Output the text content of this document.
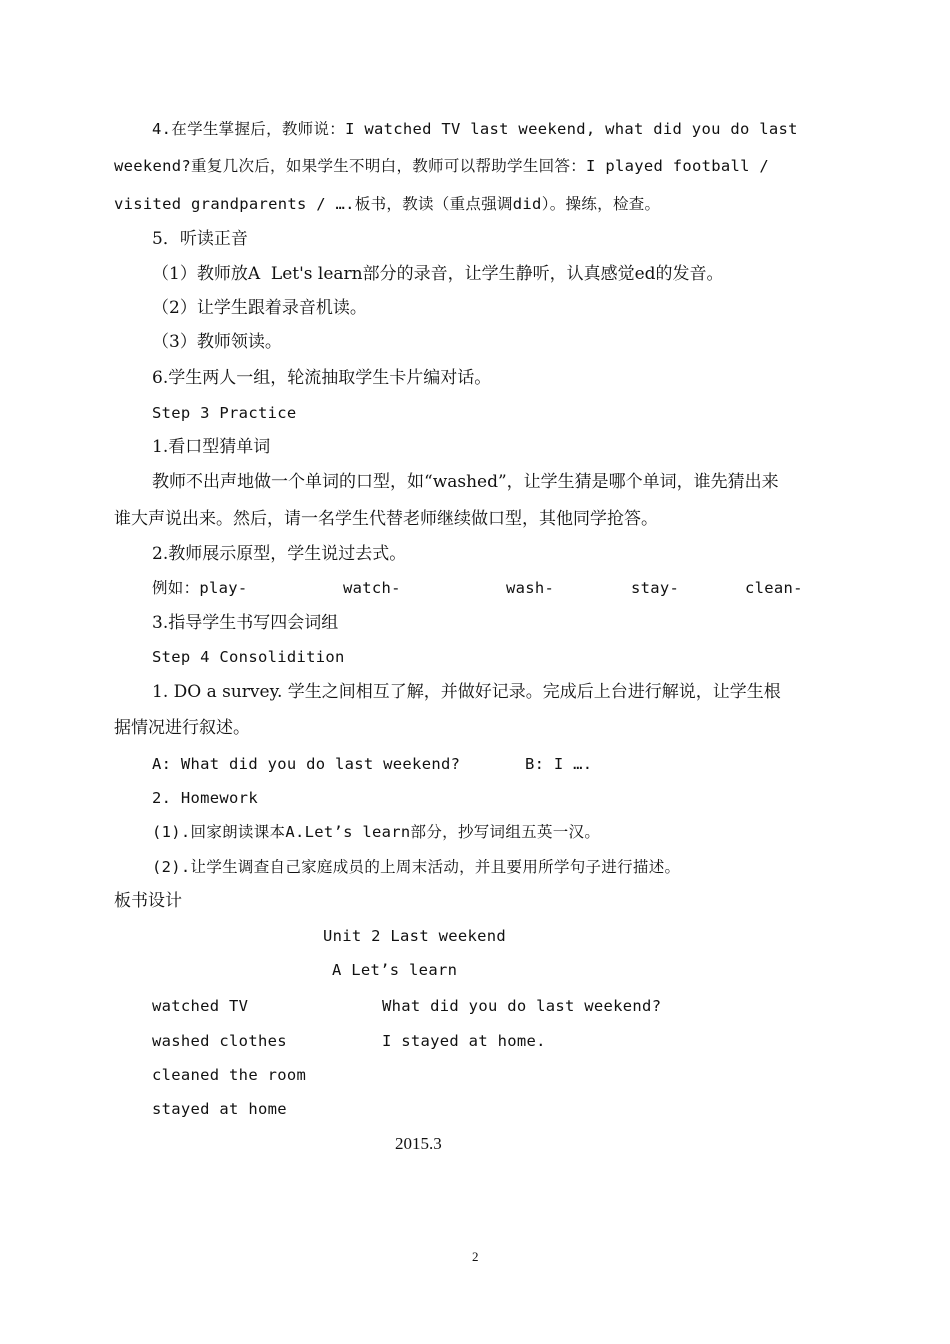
4.在学生掌握后，教师说：I watched TV last weekend, what did you do last
weekend?重复几次后，如果学生不明白，教师可以帮助学生回答：I played football /
visited grandparents / ….板书，教读（重点强调did）。操练，检查。
5．听读正音
（1）教师放A  Let's learn部分的录音，让学生静听，认真感觉ed的发音。
（2）让学生跟着录音机读。
（3）教师领读。
6.学生两人一组，轮流抽取学生卡片编对话。
Step 3 Practice
1.看口型猜单词
教师不出声地做一个单词的口型，如“washed”，让学生猜是哪个单词，谁先猜出来
谁大声说出来。然后，请一名学生代替老师继续做口型，其他同学抢答。
2.教师展示原型，学生说过去式。
例如：play-	watch-	wash-	stay-	clean-
3.指导学生书写四会词组
Step 4 Consolidition
1. DO a survey. 学生之间相互了解，并做好记录。完成后上台进行解说，让学生根
据情况进行叙述。
A: What did you do last weekend?	B: I ….
2. Homework
(1).回家朗读课本A.Let’s learn部分，抄写词组五英一汉。
(2).让学生调查自己家庭成员的上周末活动，并且要用所学句子进行描述。
板书设计
Unit 2 Last weekend
A Let’s learn
watched TV	What did you do last weekend?
washed clothes	I stayed at home.
cleaned the room
stayed at home
2015.3
2
